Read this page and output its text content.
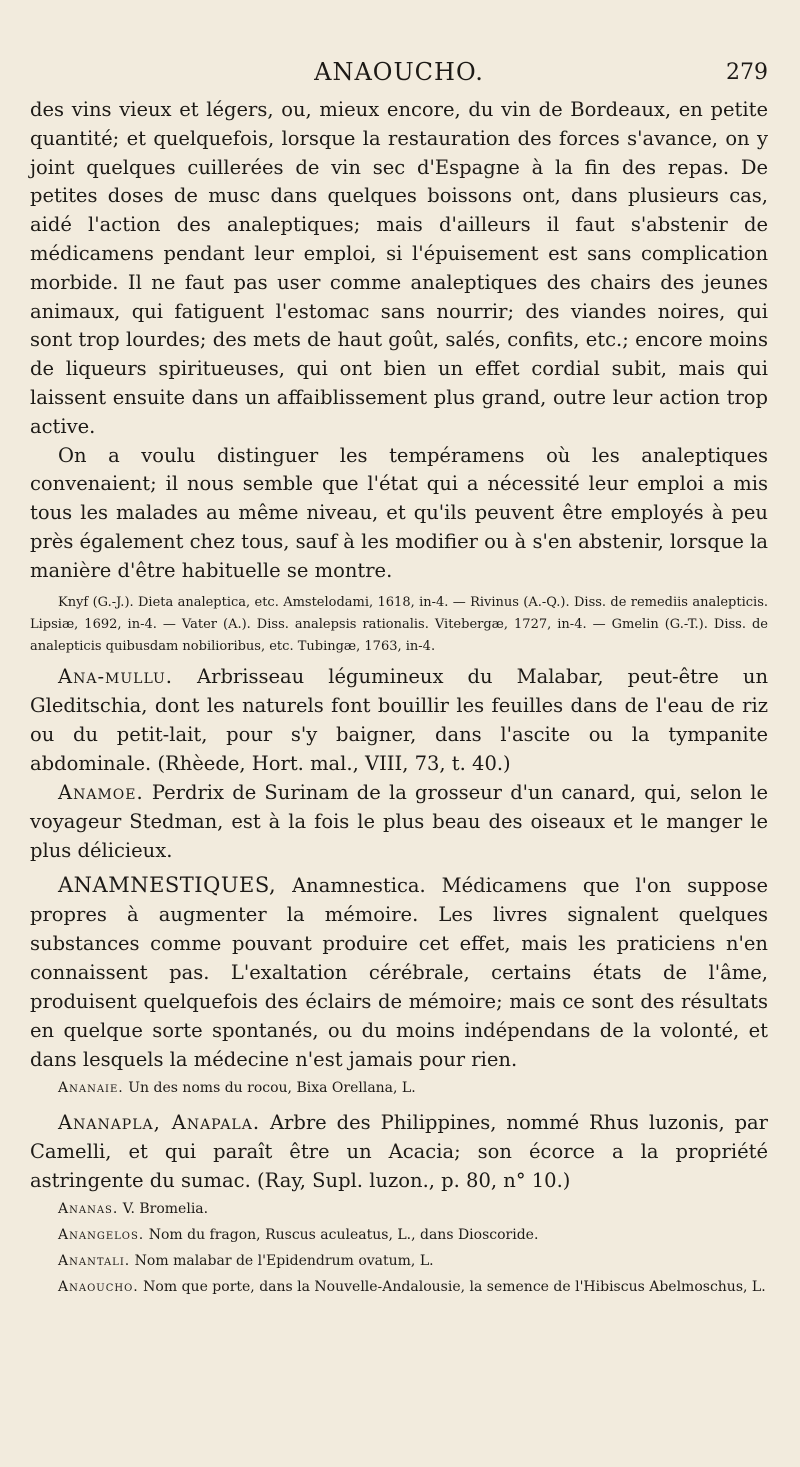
ANAOUCHO.	279

des vins vieux et légers, ou, mieux encore, du vin de Bordeaux, en petite quantité; et quelquefois, lorsque la restauration des forces s'avance, on y joint quelques cuillerées de vin sec d'Espagne à la fin des repas. De petites doses de musc dans quelques boissons ont, dans plusieurs cas, aidé l'action des analeptiques; mais d'ailleurs il faut s'abstenir de médicamens pendant leur emploi, si l'épuisement est sans complication morbide. Il ne faut pas user comme analeptiques des chairs des jeunes animaux, qui fatiguent l'estomac sans nourrir; des viandes noires, qui sont trop lourdes; des mets de haut goût, salés, confits, etc.; encore moins de liqueurs spiritueuses, qui ont bien un effet cordial subit, mais qui laissent ensuite dans un affaiblissement plus grand, outre leur action trop active.

On a voulu distinguer les tempéramens où les analeptiques convenaient; il nous semble que l'état qui a nécessité leur emploi a mis tous les malades au même niveau, et qu'ils peuvent être employés à peu près également chez tous, sauf à les modifier ou à s'en abstenir, lorsque la manière d'être habituelle se montre.

Knyf (G.-J.). Dieta analeptica, etc. Amstelodami, 1618, in-4. — Rivinus (A.-Q.). Diss. de remediis analepticis. Lipsiæ, 1692, in-4. — Vater (A.). Diss. analepsis rationalis. Vitebergæ, 1727, in-4. — Gmelin (G.-T.). Diss. de analepticis quibusdam nobilioribus, etc. Tubingæ, 1763, in-4.

Ana-mullu. Arbrisseau légumineux du Malabar, peut-être un Gleditschia, dont les naturels font bouillir les feuilles dans de l'eau de riz ou du petit-lait, pour s'y baigner, dans l'ascite ou la tympanite abdominale. (Rhèede, Hort. mal., VIII, 73, t. 40.)

Anamoe. Perdrix de Surinam de la grosseur d'un canard, qui, selon le voyageur Stedman, est à la fois le plus beau des oiseaux et le manger le plus délicieux.

ANAMNESTIQUES, Anamnestica. Médicamens que l'on suppose propres à augmenter la mémoire. Les livres signalent quelques substances comme pouvant produire cet effet, mais les praticiens n'en connaissent pas. L'exaltation cérébrale, certains états de l'âme, produisent quelquefois des éclairs de mémoire; mais ce sont des résultats en quelque sorte spontanés, ou du moins indépendans de la volonté, et dans lesquels la médecine n'est jamais pour rien.

Ananaie. Un des noms du rocou, Bixa Orellana, L.

Ananapla, Anapala. Arbre des Philippines, nommé Rhus luzonis, par Camelli, et qui paraît être un Acacia; son écorce a la propriété astringente du sumac. (Ray, Supl. luzon., p. 80, n° 10.)

Ananas. V. Bromelia.

Anangelos. Nom du fragon, Ruscus aculeatus, L., dans Dioscoride.

Anantali. Nom malabar de l'Epidendrum ovatum, L.

Anaoucho. Nom que porte, dans la Nouvelle-Andalousie, la semence de l'Hibiscus Abelmoschus, L.
